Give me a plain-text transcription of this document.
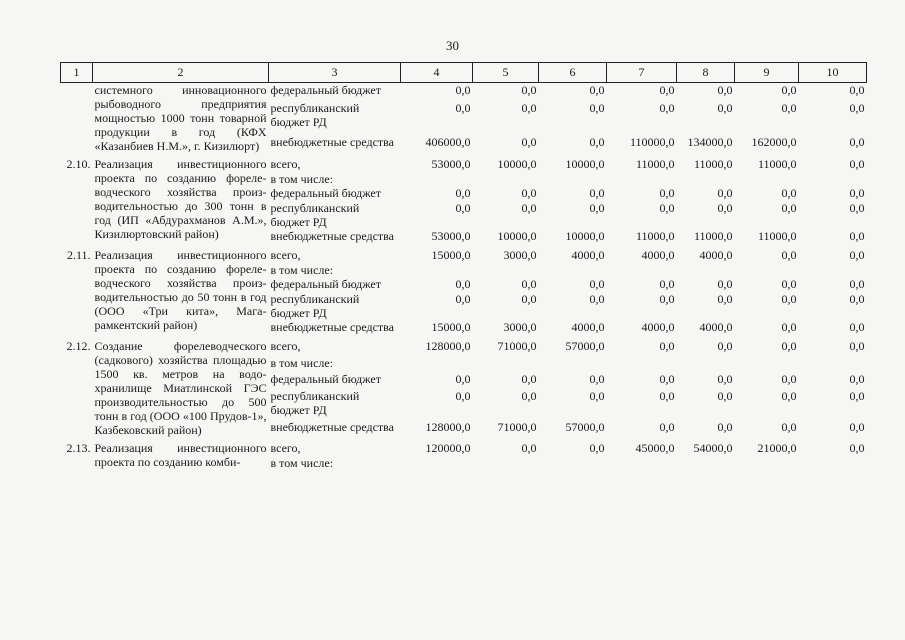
30
1	2	3	4	5	6	7	8	9	10
	системного инновационного рыбоводного предприятия мощностью 1000 тонн товарной продукции в год (КФХ «Казанбиев Н.М.», г. Кизилюрт)	федеральный бюджет	0,0	0,0	0,0	0,0	0,0	0,0	0,0
		республиканский бюджет РД	0,0	0,0	0,0	0,0	0,0	0,0	0,0
		внебюджетные средства	406000,0	0,0	0,0	110000,0	134000,0	162000,0	0,0

2.10.	Реализация инвестиционного проекта по созданию форелеводческого хозяйства производительностью до 300 тонн в год (ИП «Абдурахманов А.М.», Кизилюртовский район)	всего,	53000,0	10000,0	10000,0	11000,0	11000,0	11000,0	0,0
		в том числе:							
		федеральный бюджет	0,0	0,0	0,0	0,0	0,0	0,0	0,0
		республиканский бюджет РД	0,0	0,0	0,0	0,0	0,0	0,0	0,0
		внебюджетные средства	53000,0	10000,0	10000,0	11000,0	11000,0	11000,0	0,0

2.11.	Реализация инвестиционного проекта по созданию форелеводческого хозяйства производительностью до 50 тонн в год (ООО «Три кита», Магарамкентский район)	всего,	15000,0	3000,0	4000,0	4000,0	4000,0	0,0	0,0
		в том числе:							
		федеральный бюджет	0,0	0,0	0,0	0,0	0,0	0,0	0,0
		республиканский бюджет РД	0,0	0,0	0,0	0,0	0,0	0,0	0,0
		внебюджетные средства	15000,0	3000,0	4000,0	4000,0	4000,0	0,0	0,0

2.12.	Создание форелеводческого (садкового) хозяйства площадью 1500 кв. метров на водохранилище Миатлинской ГЭС производительностью до 500 тонн в год (ООО «100 Прудов-1», Казбековский район)	всего,	128000,0	71000,0	57000,0	0,0	0,0	0,0	0,0
		в том числе:							
		федеральный бюджет	0,0	0,0	0,0	0,0	0,0	0,0	0,0
		республиканский бюджет РД	0,0	0,0	0,0	0,0	0,0	0,0	0,0
		внебюджетные средства	128000,0	71000,0	57000,0	0,0	0,0	0,0	0,0

2.13.	Реализация инвестиционного проекта по созданию комби-	всего,	120000,0	0,0	0,0	45000,0	54000,0	21000,0	0,0
		в том числе:							
